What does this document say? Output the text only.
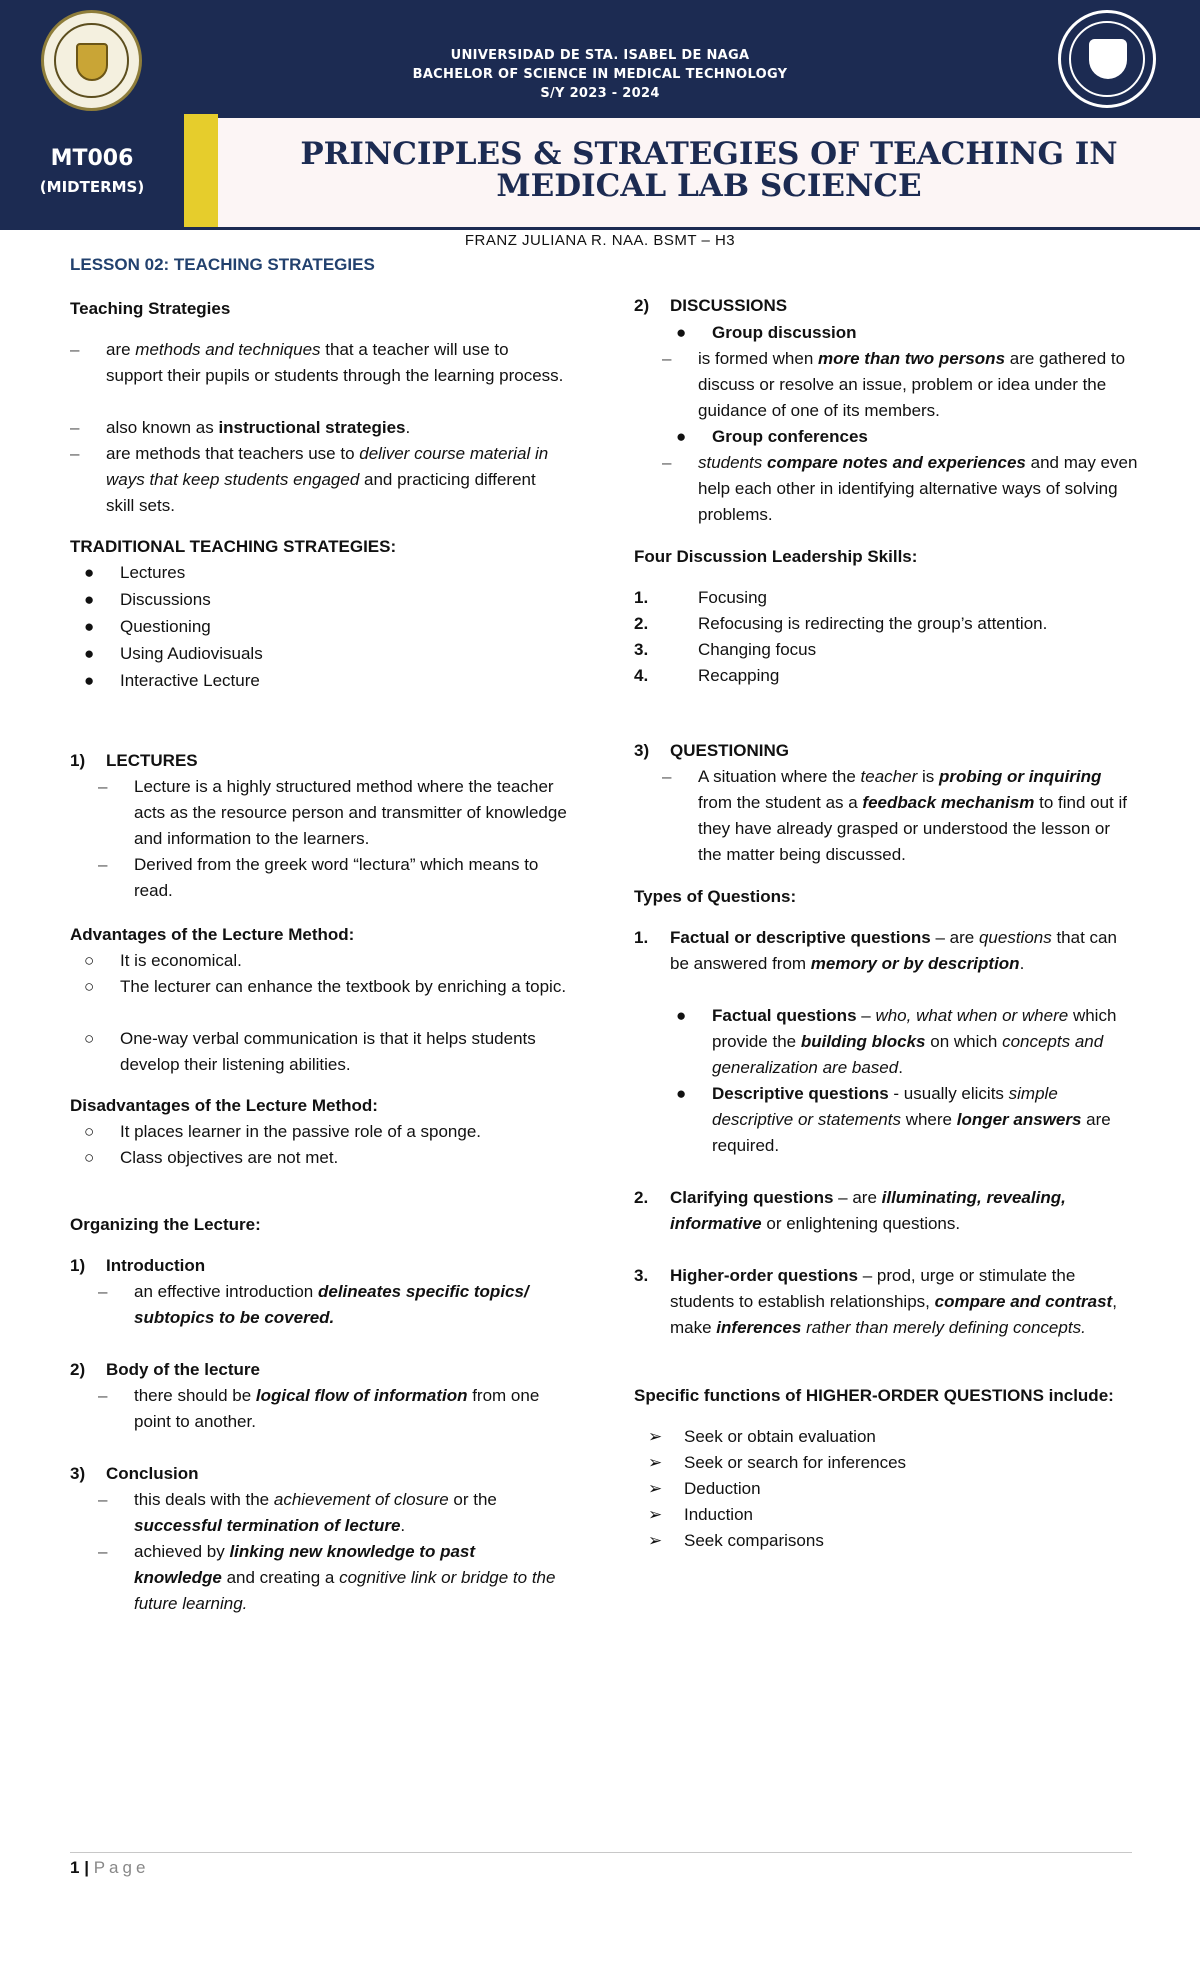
UNIVERSIDAD DE STA. ISABEL DE NAGA
BACHELOR OF SCIENCE IN MEDICAL TECHNOLOGY
S/Y 2023 - 2024
MT006
(MIDTERMS)
PRINCIPLES & STRATEGIES OF TEACHING IN
MEDICAL LAB SCIENCE
FRANZ JULIANA R. NAA. BSMT – H3
LESSON 02: TEACHING STRATEGIES
Teaching Strategies
– are methods and techniques that a teacher will use to support their pupils or students through the learning process.
– also known as instructional strategies.
– are methods that teachers use to deliver course material in ways that keep students engaged and practicing different skill sets.
TRADITIONAL TEACHING STRATEGIES:
● Lectures
● Discussions
● Questioning
● Using Audiovisuals
● Interactive Lecture
1) LECTURES
– Lecture is a highly structured method where the teacher acts as the resource person and transmitter of knowledge and information to the learners.
– Derived from the greek word “lectura” which means to read.
Advantages of the Lecture Method:
○ It is economical.
○ The lecturer can enhance the textbook by enriching a topic.
○ One-way verbal communication is that it helps students develop their listening abilities.
Disadvantages of the Lecture Method:
○ It places learner in the passive role of a sponge.
○ Class objectives are not met.
Organizing the Lecture:
1) Introduction
– an effective introduction delineates specific topics/ subtopics to be covered.
2) Body of the lecture
– there should be logical flow of information from one point to another.
3) Conclusion
– this deals with the achievement of closure or the successful termination of lecture.
– achieved by linking new knowledge to past knowledge and creating a cognitive link or bridge to the future learning.
2) DISCUSSIONS
● Group discussion
– is formed when more than two persons are gathered to discuss or resolve an issue, problem or idea under the guidance of one of its members.
● Group conferences
– students compare notes and experiences and may even help each other in identifying alternative ways of solving problems.
Four Discussion Leadership Skills:
1.	Focusing
2.	Refocusing is redirecting the group’s attention.
3.	Changing focus
4.	Recapping
3) QUESTIONING
– A situation where the teacher is probing or inquiring from the student as a feedback mechanism to find out if they have already grasped or understood the lesson or the matter being discussed.
Types of Questions:
1. Factual or descriptive questions – are questions that can be answered from memory or by description.
● Factual questions – who, what when or where which provide the building blocks on which concepts and generalization are based.
● Descriptive questions - usually elicits simple descriptive or statements where longer answers are required.
2. Clarifying questions – are illuminating, revealing, informative or enlightening questions.
3. Higher-order questions – prod, urge or stimulate the students to establish relationships, compare and contrast, make inferences rather than merely defining concepts.
Specific functions of HIGHER-ORDER QUESTIONS include:
➢ Seek or obtain evaluation
➢ Seek or search for inferences
➢ Deduction
➢ Induction
➢ Seek comparisons
1 | Page
